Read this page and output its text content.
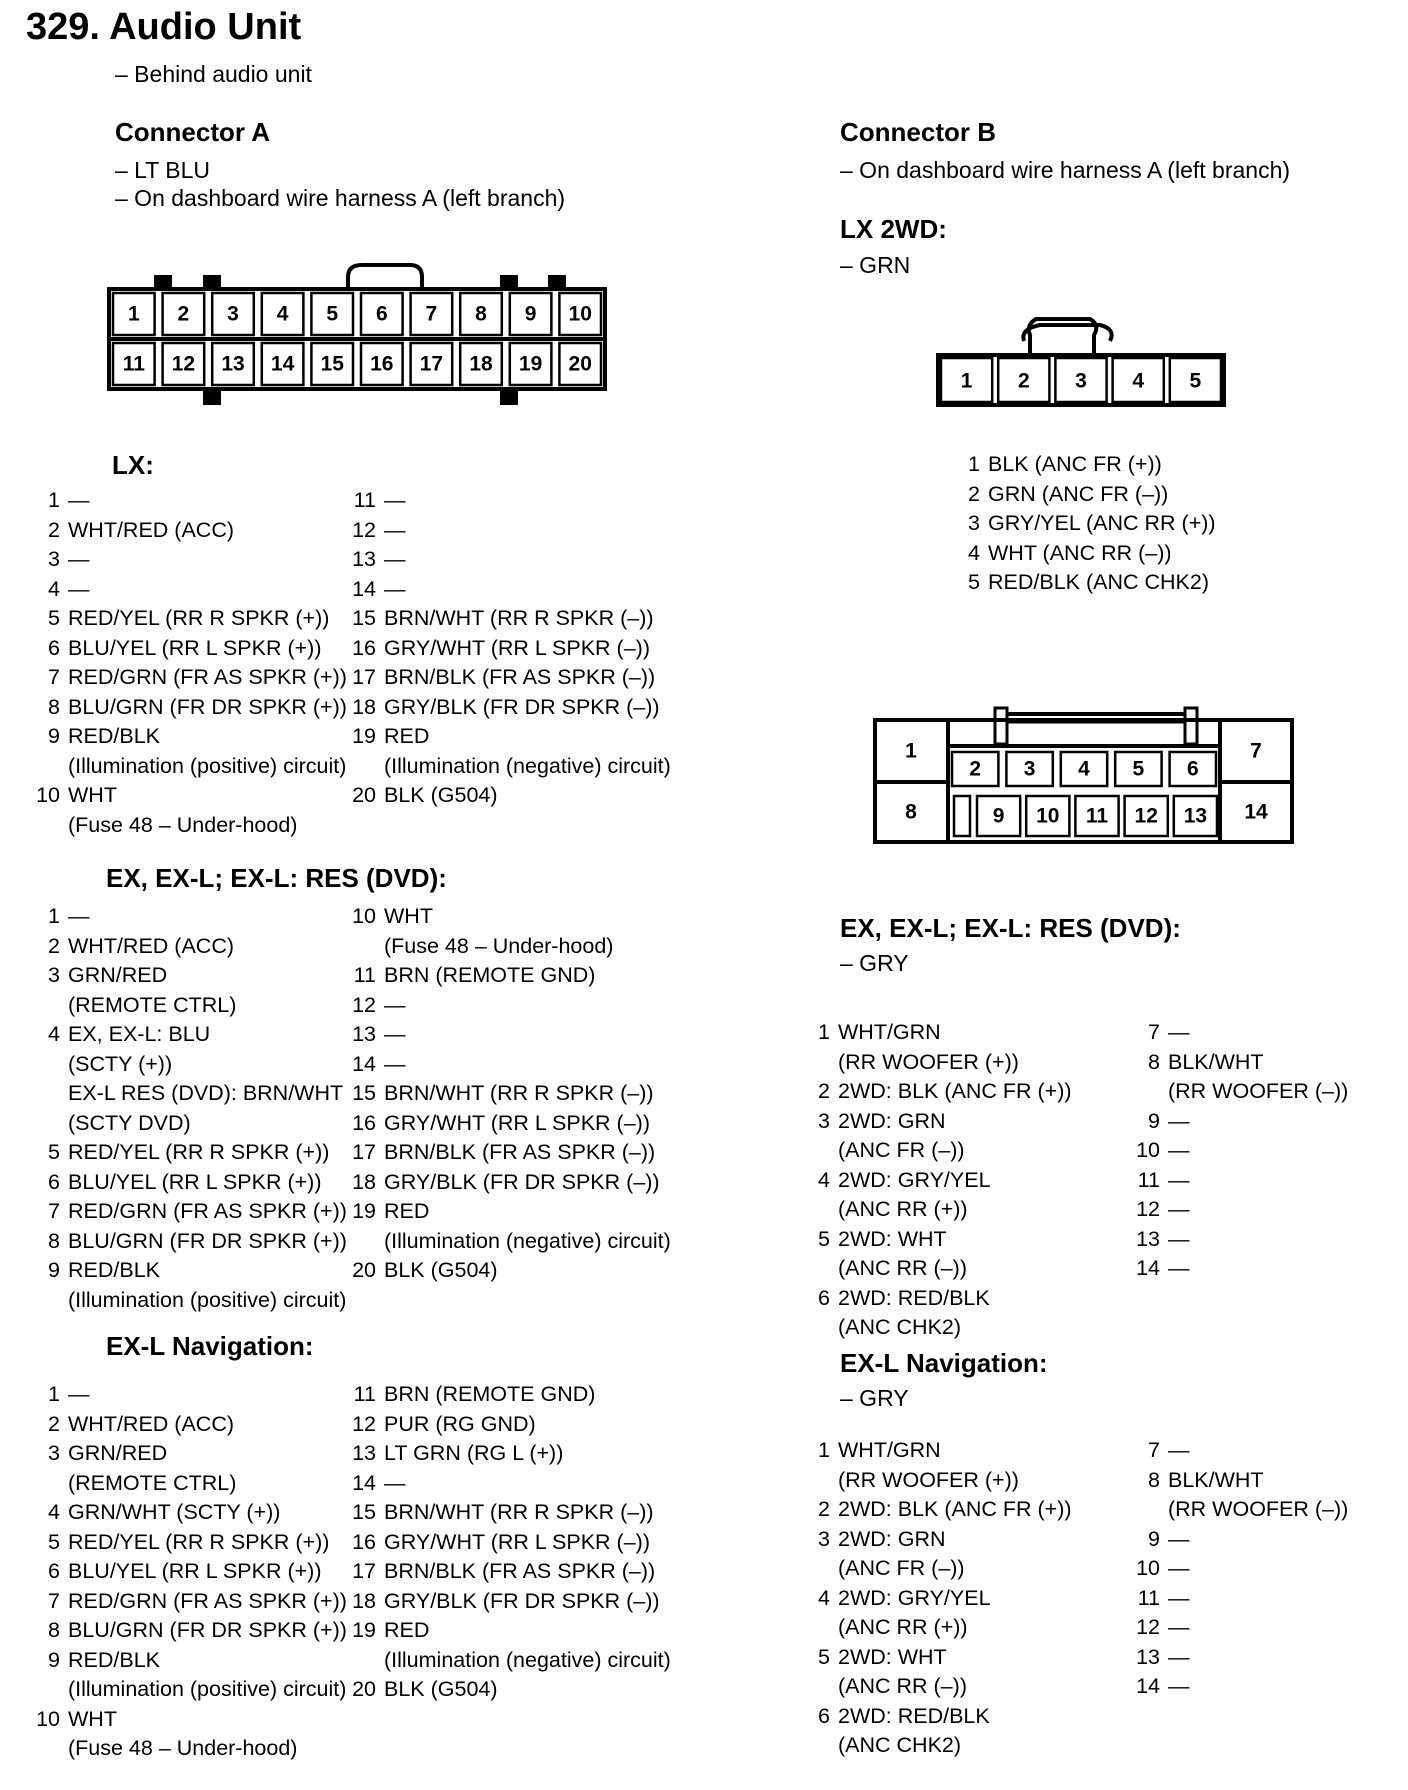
329. Audio Unit
– Behind audio unit
Connector A
– LT BLU
– On dashboard wire harness A (left branch)
1
11
2
12
3
13
4
14
5
15
6
16
7
17
8
18
9
19
10
20
LX:
1 —
2 WHT/RED (ACC)
3 —
4 —
5 RED/YEL (RR R SPKR (+))
6 BLU/YEL (RR L SPKR (+))
7 RED/GRN (FR AS SPKR (+))
8 BLU/GRN (FR DR SPKR (+))
9 RED/BLK
(Illumination (positive) circuit)
10 WHT
(Fuse 48 – Under-hood)
11 —
12 —
13 —
14 —
15 BRN/WHT (RR R SPKR (–))
16 GRY/WHT (RR L SPKR (–))
17 BRN/BLK (FR AS SPKR (–))
18 GRY/BLK (FR DR SPKR (–))
19 RED
(Illumination (negative) circuit)
20 BLK (G504)
EX, EX-L; EX-L: RES (DVD):
1 —
2 WHT/RED (ACC)
3 GRN/RED
(REMOTE CTRL)
4 EX, EX-L: BLU
(SCTY (+))
EX-L RES (DVD): BRN/WHT
(SCTY DVD)
5 RED/YEL (RR R SPKR (+))
6 BLU/YEL (RR L SPKR (+))
7 RED/GRN (FR AS SPKR (+))
8 BLU/GRN (FR DR SPKR (+))
9 RED/BLK
(Illumination (positive) circuit)
10 WHT
(Fuse 48 – Under-hood)
11 BRN (REMOTE GND)
12 —
13 —
14 —
15 BRN/WHT (RR R SPKR (–))
16 GRY/WHT (RR L SPKR (–))
17 BRN/BLK (FR AS SPKR (–))
18 GRY/BLK (FR DR SPKR (–))
19 RED
(Illumination (negative) circuit)
20 BLK (G504)
EX-L Navigation:
1 —
2 WHT/RED (ACC)
3 GRN/RED
(REMOTE CTRL)
4 GRN/WHT (SCTY (+))
5 RED/YEL (RR R SPKR (+))
6 BLU/YEL (RR L SPKR (+))
7 RED/GRN (FR AS SPKR (+))
8 BLU/GRN (FR DR SPKR (+))
9 RED/BLK
(Illumination (positive) circuit)
10 WHT
(Fuse 48 – Under-hood)
11 BRN (REMOTE GND)
12 PUR (RG GND)
13 LT GRN (RG L (+))
14 —
15 BRN/WHT (RR R SPKR (–))
16 GRY/WHT (RR L SPKR (–))
17 BRN/BLK (FR AS SPKR (–))
18 GRY/BLK (FR DR SPKR (–))
19 RED
(Illumination (negative) circuit)
20 BLK (G504)
Connector B
– On dashboard wire harness A (left branch)
LX 2WD:
– GRN
1 2 3 4 5
1 BLK (ANC FR (+))
2 GRN (ANC FR (–))
3 GRY/YEL (ANC RR (+))
4 WHT (ANC RR (–))
5 RED/BLK (ANC CHK2)
1
8
7
14
2 3 4 5 6
9 10 11 12 13
EX, EX-L; EX-L: RES (DVD):
– GRY
1 WHT/GRN
(RR WOOFER (+))
2 2WD: BLK (ANC FR (+))
3 2WD: GRN
(ANC FR (–))
4 2WD: GRY/YEL
(ANC RR (+))
5 2WD: WHT
(ANC RR (–))
6 2WD: RED/BLK
(ANC CHK2)
7 —
8 BLK/WHT
(RR WOOFER (–))
9 —
10 —
11 —
12 —
13 —
14 —
EX-L Navigation:
– GRY
1 WHT/GRN
(RR WOOFER (+))
2 2WD: BLK (ANC FR (+))
3 2WD: GRN
(ANC FR (–))
4 2WD: GRY/YEL
(ANC RR (+))
5 2WD: WHT
(ANC RR (–))
6 2WD: RED/BLK
(ANC CHK2)
7 —
8 BLK/WHT
(RR WOOFER (–))
9 —
10 —
11 —
12 —
13 —
14 —
